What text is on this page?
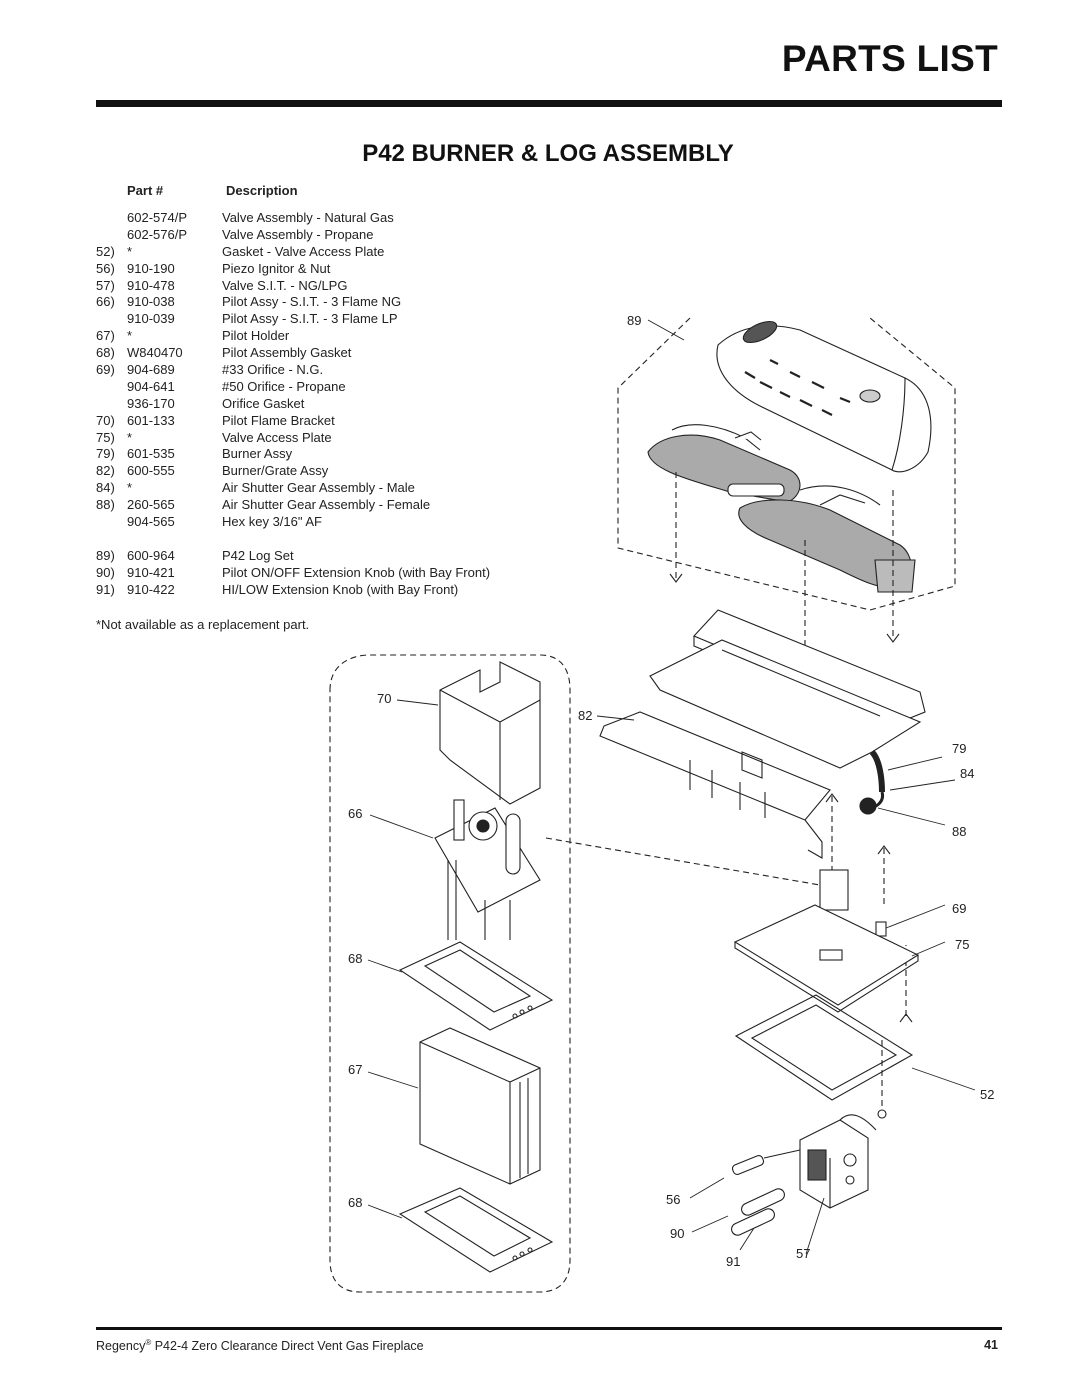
PARTS LIST
P42 BURNER & LOG ASSEMBLY
Part #	Description
602-574/P	Valve Assembly - Natural Gas
602-576/P	Valve Assembly - Propane
52) *	Gasket - Valve Access Plate
56) 910-190	Piezo Ignitor & Nut
57) 910-478	Valve S.I.T. - NG/LPG
66) 910-038	Pilot Assy - S.I.T. - 3 Flame NG
910-039	Pilot Assy - S.I.T. - 3 Flame LP
67) *	Pilot Holder
68) W840470	Pilot Assembly Gasket
69) 904-689	#33 Orifice - N.G.
904-641	#50 Orifice - Propane
936-170	Orifice Gasket
70) 601-133	Pilot Flame Bracket
75) *	Valve Access Plate
79) 601-535	Burner Assy
82) 600-555	Burner/Grate Assy
84) *	Air Shutter Gear Assembly - Male
88) 260-565	Air Shutter Gear Assembly - Female
904-565	Hex key 3/16" AF
89) 600-964	P42 Log Set
90) 910-421	Pilot ON/OFF Extension Knob (with Bay Front)
91) 910-422	HI/LOW Extension Knob (with Bay Front)
*Not available as a replacement part.
89
70
82
79
84
66
88
69
75
68
67
52
68	56
90
57
91
Regency® P42-4 Zero Clearance Direct Vent Gas Fireplace	41
